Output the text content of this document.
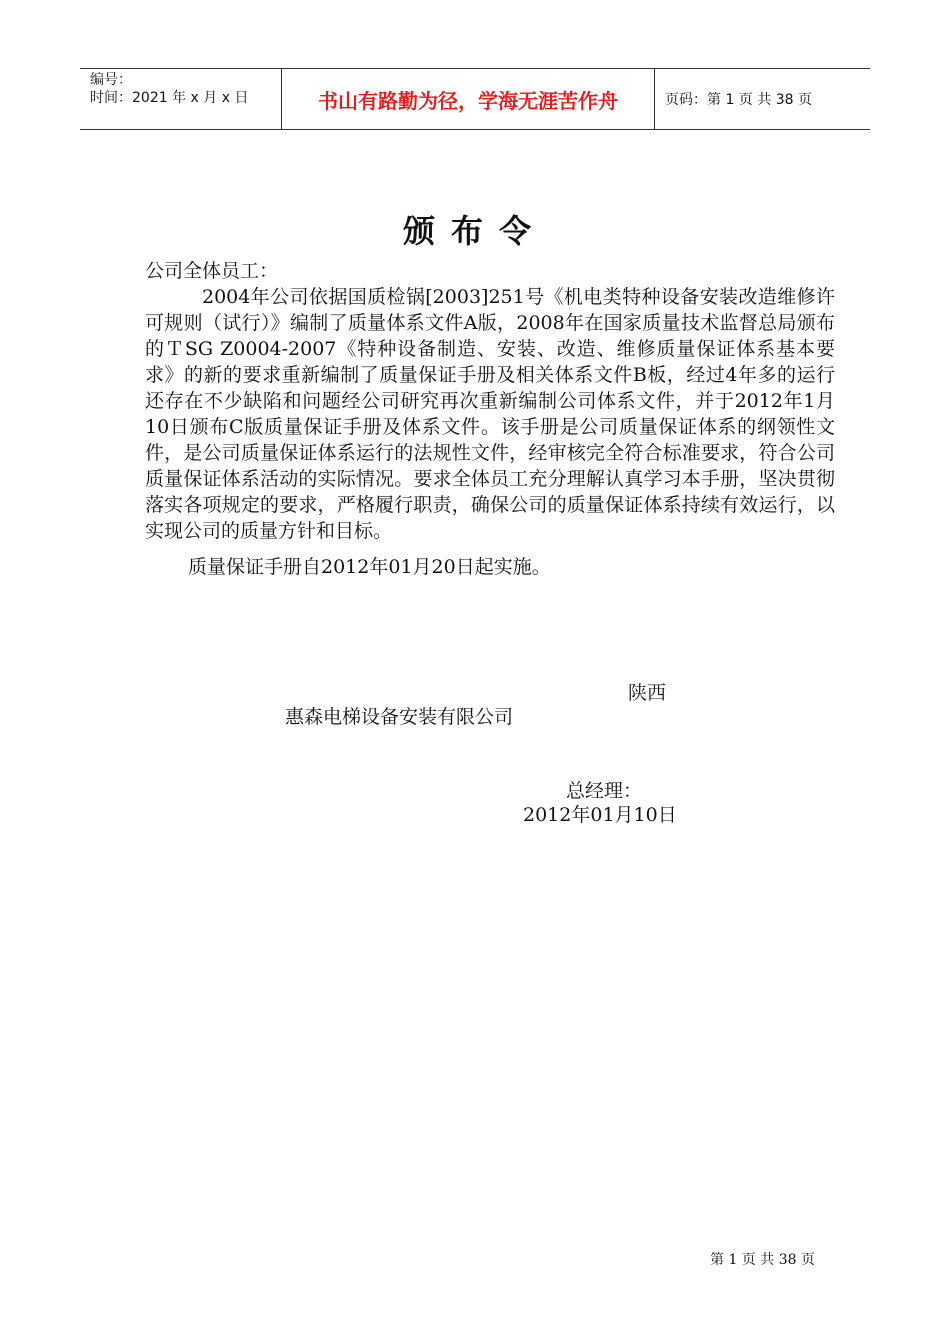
编号：
时间：2021 年 x 月 x 日	书山有路勤为径，学海无涯苦作舟	页码：第 1 页 共 38 页
颁布令
公司全体员工：

2004年公司依据国质检锅[2003]251号《机电类特种设备安装改造维修许可规则（试行）》编制了质量体系文件A版，2008年在国家质量技术监督总局颁布的ＴSG Z0004-2007《特种设备制造、安装、改造、维修质量保证体系基本要求》的新的要求重新编制了质量保证手册及相关体系文件B板，经过4年多的运行还存在不少缺陷和问题经公司研究再次重新编制公司体系文件，并于2012年1月10日颁布C版质量保证手册及体系文件。该手册是公司质量保证体系的纲领性文件，是公司质量保证体系运行的法规性文件，经审核完全符合标准要求，符合公司质量保证体系活动的实际情况。要求全体员工充分理解认真学习本手册，坚决贯彻落实各项规定的要求，严格履行职责，确保公司的质量保证体系持续有效运行，以实现公司的质量方针和目标。

质量保证手册自2012年01月20日起实施。
陕西
惠森电梯设备安装有限公司
总经理：
2012年01月10日
第 1 页 共 38 页
